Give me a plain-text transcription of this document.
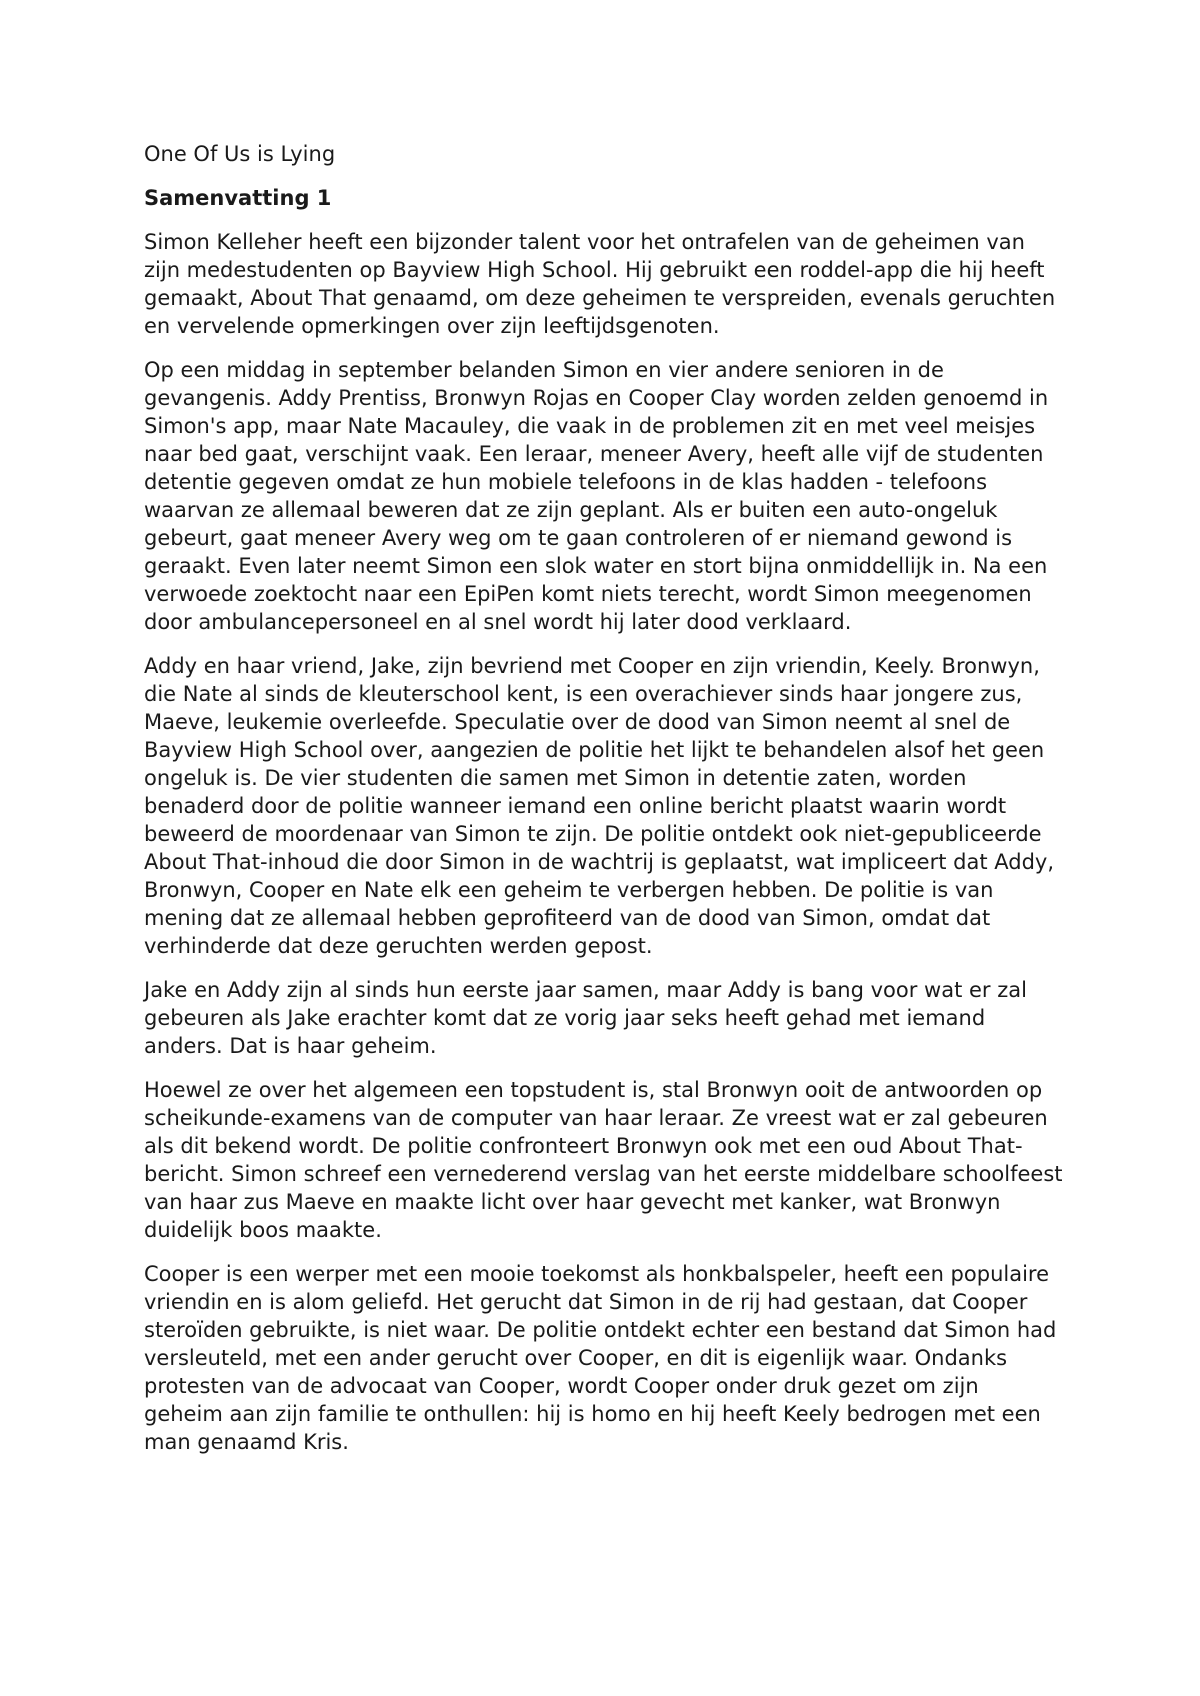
One Of Us is Lying

Samenvatting 1

Simon Kelleher heeft een bijzonder talent voor het ontrafelen van de geheimen van zijn medestudenten op Bayview High School. Hij gebruikt een roddel-app die hij heeft gemaakt, About That genaamd, om deze geheimen te verspreiden, evenals geruchten en vervelende opmerkingen over zijn leeftijdsgenoten.

Op een middag in september belanden Simon en vier andere senioren in de gevangenis. Addy Prentiss, Bronwyn Rojas en Cooper Clay worden zelden genoemd in Simon's app, maar Nate Macauley, die vaak in de problemen zit en met veel meisjes naar bed gaat, verschijnt vaak. Een leraar, meneer Avery, heeft alle vijf de studenten detentie gegeven omdat ze hun mobiele telefoons in de klas hadden - telefoons waarvan ze allemaal beweren dat ze zijn geplant. Als er buiten een auto-ongeluk gebeurt, gaat meneer Avery weg om te gaan controleren of er niemand gewond is geraakt. Even later neemt Simon een slok water en stort bijna onmiddellijk in. Na een verwoede zoektocht naar een EpiPen komt niets terecht, wordt Simon meegenomen door ambulancepersoneel en al snel wordt hij later dood verklaard.

Addy en haar vriend, Jake, zijn bevriend met Cooper en zijn vriendin, Keely. Bronwyn, die Nate al sinds de kleuterschool kent, is een overachiever sinds haar jongere zus, Maeve, leukemie overleefde. Speculatie over de dood van Simon neemt al snel de Bayview High School over, aangezien de politie het lijkt te behandelen alsof het geen ongeluk is. De vier studenten die samen met Simon in detentie zaten, worden benaderd door de politie wanneer iemand een online bericht plaatst waarin wordt beweerd de moordenaar van Simon te zijn. De politie ontdekt ook niet-gepubliceerde About That-inhoud die door Simon in de wachtrij is geplaatst, wat impliceert dat Addy, Bronwyn, Cooper en Nate elk een geheim te verbergen hebben. De politie is van mening dat ze allemaal hebben geprofiteerd van de dood van Simon, omdat dat verhinderde dat deze geruchten werden gepost.

Jake en Addy zijn al sinds hun eerste jaar samen, maar Addy is bang voor wat er zal gebeuren als Jake erachter komt dat ze vorig jaar seks heeft gehad met iemand anders. Dat is haar geheim.

Hoewel ze over het algemeen een topstudent is, stal Bronwyn ooit de antwoorden op scheikunde-examens van de computer van haar leraar. Ze vreest wat er zal gebeuren als dit bekend wordt. De politie confronteert Bronwyn ook met een oud About That-bericht. Simon schreef een vernederend verslag van het eerste middelbare schoolfeest van haar zus Maeve en maakte licht over haar gevecht met kanker, wat Bronwyn duidelijk boos maakte.

Cooper is een werper met een mooie toekomst als honkbalspeler, heeft een populaire vriendin en is alom geliefd. Het gerucht dat Simon in de rij had gestaan, dat Cooper steroïden gebruikte, is niet waar. De politie ontdekt echter een bestand dat Simon had versleuteld, met een ander gerucht over Cooper, en dit is eigenlijk waar. Ondanks protesten van de advocaat van Cooper, wordt Cooper onder druk gezet om zijn geheim aan zijn familie te onthullen: hij is homo en hij heeft Keely bedrogen met een man genaamd Kris.
